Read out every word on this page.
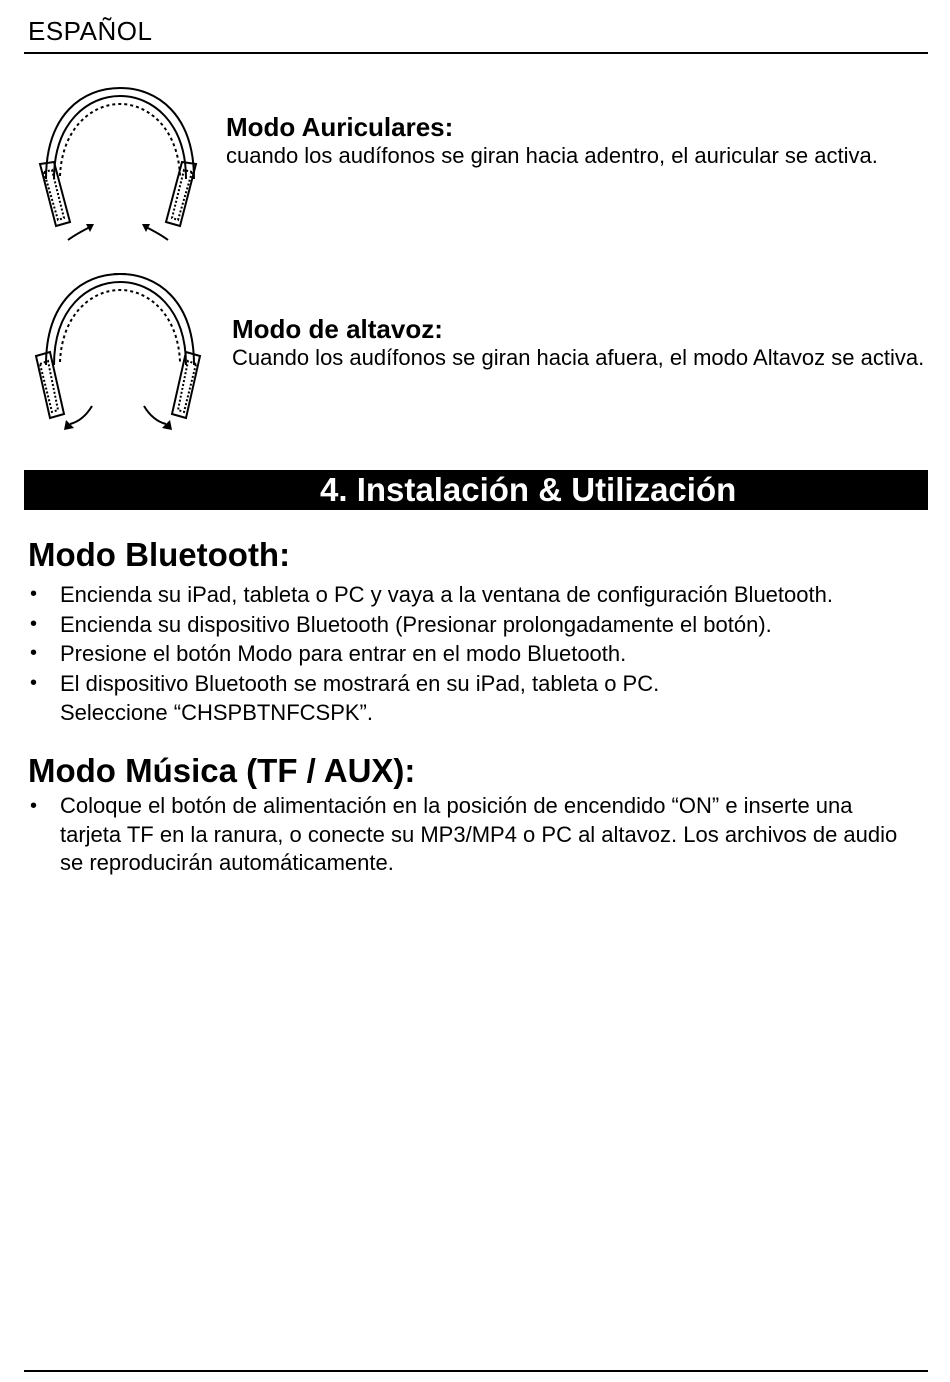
ESPAÑOL

Modo Auriculares:

cuando los audífonos se giran hacia adentro, el auricular se activa.

Modo de altavoz:

Cuando los audífonos se giran hacia afuera, el modo Altavoz se activa.

4. Instalación & Utilización
Modo Bluetooth:
• Encienda su iPad, tableta o PC y vaya a la ventana de configuración Bluetooth.
• Encienda su dispositivo Bluetooth (Presionar prolongadamente el botón).
• Presione el botón Modo para entrar en el modo Bluetooth.
• El dispositivo Bluetooth se mostrará en su iPad, tableta o PC. Seleccione “CHSPBTNFCSPK”.
Modo Música (TF / AUX):
• Coloque el botón de alimentación en la posición de encendido “ON” e inserte una tarjeta TF en la ranura, o conecte su MP3/MP4 o PC al altavoz. Los archivos de audio se reproducirán automáticamente.
